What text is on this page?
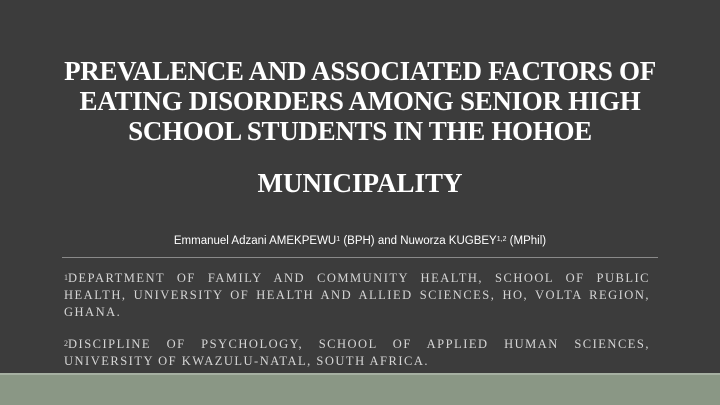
PREVALENCE AND ASSOCIATED FACTORS OF EATING DISORDERS AMONG SENIOR HIGH SCHOOL STUDENTS IN THE HOHOE
MUNICIPALITY
Emmanuel Adzani AMEKPEWU$^1$ (BPH) and Nuworza KUGBEY$^{1,2}$ (MPhil)
$^1$DEPARTMENT OF FAMILY AND COMMUNITY HEALTH, SCHOOL OF PUBLIC HEALTH, UNIVERSITY OF HEALTH AND ALLIED SCIENCES, HO, VOLTA REGION, GHANA.
$^2$DISCIPLINE OF PSYCHOLOGY, SCHOOL OF APPLIED HUMAN SCIENCES, UNIVERSITY OF KWAZULU-NATAL, SOUTH AFRICA.
